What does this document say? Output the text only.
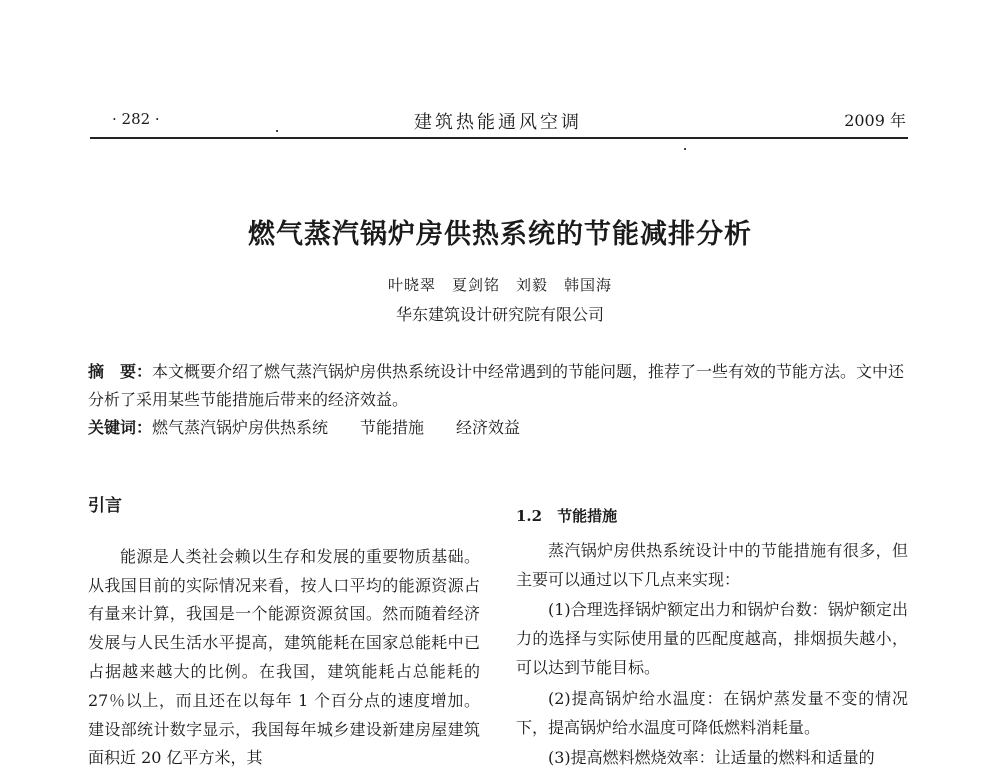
· 282 ·	建筑热能通风空调	2009 年
燃气蒸汽锅炉房供热系统的节能减排分析
叶晓翠　夏剑铭　刘毅　韩国海
华东建筑设计研究院有限公司

摘　要：本文概要介绍了燃气蒸汽锅炉房供热系统设计中经常遇到的节能问题，推荐了一些有效的节能方法。文中还分析了采用某些节能措施后带来的经济效益。

关键词：燃气蒸汽锅炉房供热系统　　节能措施　　经济效益

引言

能源是人类社会赖以生存和发展的重要物质基础。从我国目前的实际情况来看，按人口平均的能源资源占有量来计算，我国是一个能源资源贫国。然而随着经济发展与人民生活水平提高，建筑能耗在国家总能耗中已占据越来越大的比例。在我国，建筑能耗占总能耗的 27％以上，而且还在以每年 1 个百分点的速度增加。建设部统计数字显示，我国每年城乡建设新建房屋建筑面积近 20 亿平方米，其

1.2　节能措施

蒸汽锅炉房供热系统设计中的节能措施有很多，但主要可以通过以下几点来实现：

(1)合理选择锅炉额定出力和锅炉台数：锅炉额定出力的选择与实际使用量的匹配度越高，排烟损失越小，可以达到节能目标。

(2)提高锅炉给水温度：在锅炉蒸发量不变的情况下，提高锅炉给水温度可降低燃料消耗量。

(3)提高燃料燃烧效率：让适量的燃料和适量的
